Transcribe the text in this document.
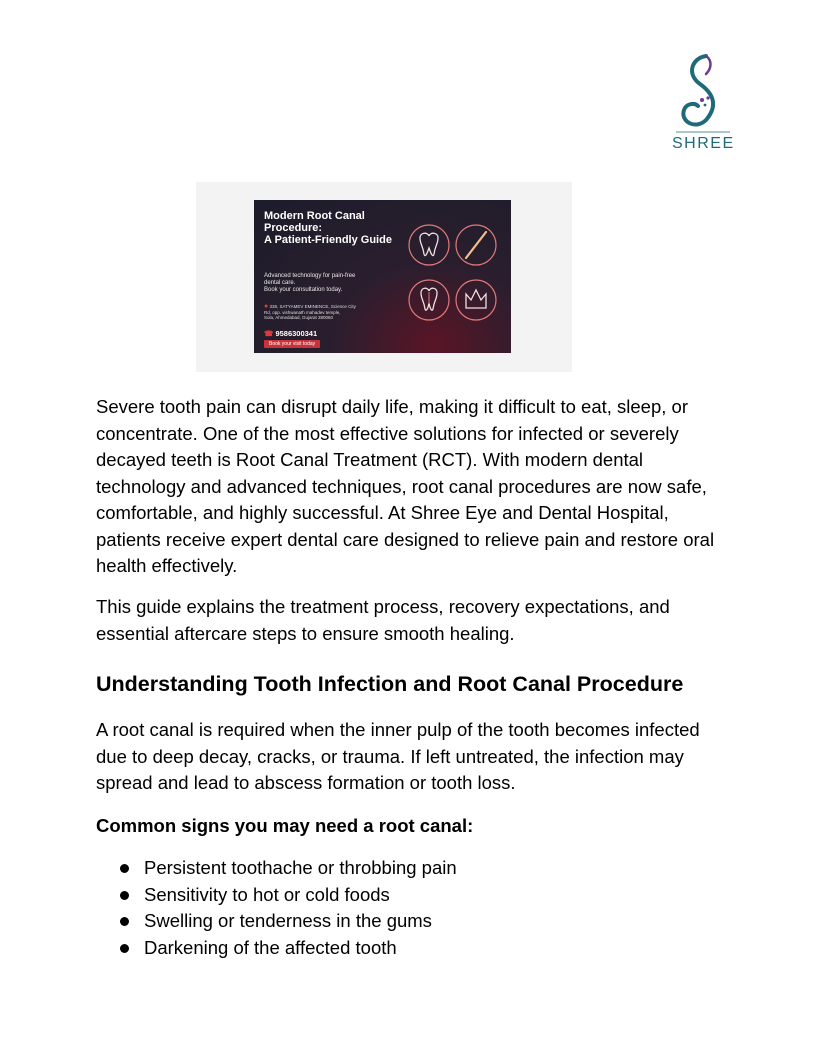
SHREE
Modern Root Canal
Procedure:
A Patient-Friendly Guide
Advanced technology for pain-free
dental care.
Book your consultation today.
● 338, SATYAMEV EMINENCE, Science City
Rd, opp. vishwanath mahadev temple,
Sola, Ahmedabad, Gujarat 380060
☎ 9586300341
Book your visit today

Severe tooth pain can disrupt daily life, making it difficult to eat, sleep, or concentrate. One of the most effective solutions for infected or severely decayed teeth is Root Canal Treatment (RCT). With modern dental technology and advanced techniques, root canal procedures are now safe, comfortable, and highly successful. At Shree Eye and Dental Hospital, patients receive expert dental care designed to relieve pain and restore oral health effectively.

This guide explains the treatment process, recovery expectations, and essential aftercare steps to ensure smooth healing.

Understanding Tooth Infection and Root Canal Procedure

A root canal is required when the inner pulp of the tooth becomes infected due to deep decay, cracks, or trauma. If left untreated, the infection may spread and lead to abscess formation or tooth loss.

Common signs you may need a root canal:
Persistent toothache or throbbing pain
Sensitivity to hot or cold foods
Swelling or tenderness in the gums
Darkening of the affected tooth
